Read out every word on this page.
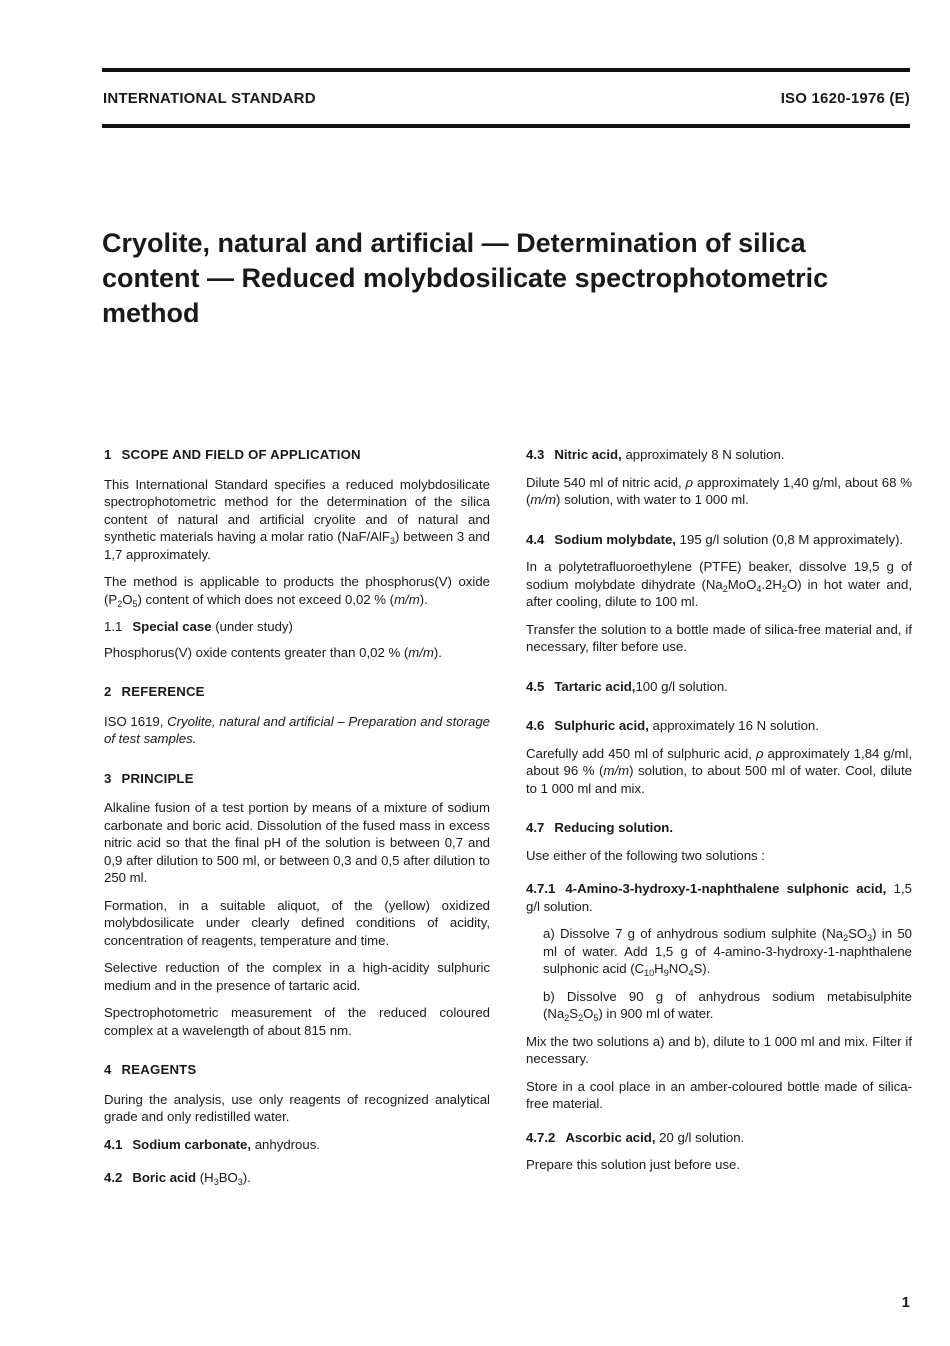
INTERNATIONAL STANDARD	ISO 1620-1976 (E)
Cryolite, natural and artificial — Determination of silica content — Reduced molybdosilicate spectrophotometric method
1 SCOPE AND FIELD OF APPLICATION

This International Standard specifies a reduced molybdosilicate spectrophotometric method for the determination of the silica content of natural and artificial cryolite and of natural and synthetic materials having a molar ratio (NaF/AlF$_3$) between 3 and 1,7 approximately.

The method is applicable to products the phosphorus(V) oxide $(P_2O_5)$ content of which does not exceed 0,02 % (m/m).

1.1 Special case (under study)

Phosphorus(V) oxide contents greater than 0,02 % (m/m).

2 REFERENCE

ISO 1619, Cryolite, natural and artificial – Preparation and storage of test samples.

3 PRINCIPLE

Alkaline fusion of a test portion by means of a mixture of sodium carbonate and boric acid. Dissolution of the fused mass in excess nitric acid so that the final pH of the solution is between 0,7 and 0,9 after dilution to 500 ml, or between 0,3 and 0,5 after dilution to 250 ml.

Formation, in a suitable aliquot, of the (yellow) oxidized molybdosilicate under clearly defined conditions of acidity, concentration of reagents, temperature and time.

Selective reduction of the complex in a high-acidity sulphuric medium and in the presence of tartaric acid.

Spectrophotometric measurement of the reduced coloured complex at a wavelength of about 815 nm.

4 REAGENTS

During the analysis, use only reagents of recognized analytical grade and only redistilled water.

4.1 Sodium carbonate, anhydrous.

4.2 Boric acid $(H_3BO_3)$.

4.3 Nitric acid, approximately 8 N solution.

Dilute 540 ml of nitric acid, ρ approximately 1,40 g/ml, about 68 % (m/m) solution, with water to 1 000 ml.

4.4 Sodium molybdate, 195 g/l solution (0,8 M approximately).

In a polytetrafluoroethylene (PTFE) beaker, dissolve 19,5 g of sodium molybdate dihydrate $(Na_2MoO_4.2H_2O)$ in hot water and, after cooling, dilute to 100 ml.

Transfer the solution to a bottle made of silica-free material and, if necessary, filter before use.

4.5 Tartaric acid,100 g/l solution.

4.6 Sulphuric acid, approximately 16 N solution.

Carefully add 450 ml of sulphuric acid, ρ approximately 1,84 g/ml, about 96 % (m/m) solution, to about 500 ml of water. Cool, dilute to 1 000 ml and mix.

4.7 Reducing solution.

Use either of the following two solutions :

4.7.1 4-Amino-3-hydroxy-1-naphthalene sulphonic acid, 1,5 g/l solution.

a) Dissolve 7 g of anhydrous sodium sulphite $(Na_2SO_3)$ in 50 ml of water. Add 1,5 g of 4-amino-3-hydroxy-1-naphthalene sulphonic acid $(C_{10}H_9NO_4S)$.

b) Dissolve 90 g of anhydrous sodium metabisulphite $(Na_2S_2O_5)$ in 900 ml of water.

Mix the two solutions a) and b), dilute to 1 000 ml and mix. Filter if necessary.

Store in a cool place in an amber-coloured bottle made of silica-free material.

4.7.2 Ascorbic acid, 20 g/l solution.

Prepare this solution just before use.

1
